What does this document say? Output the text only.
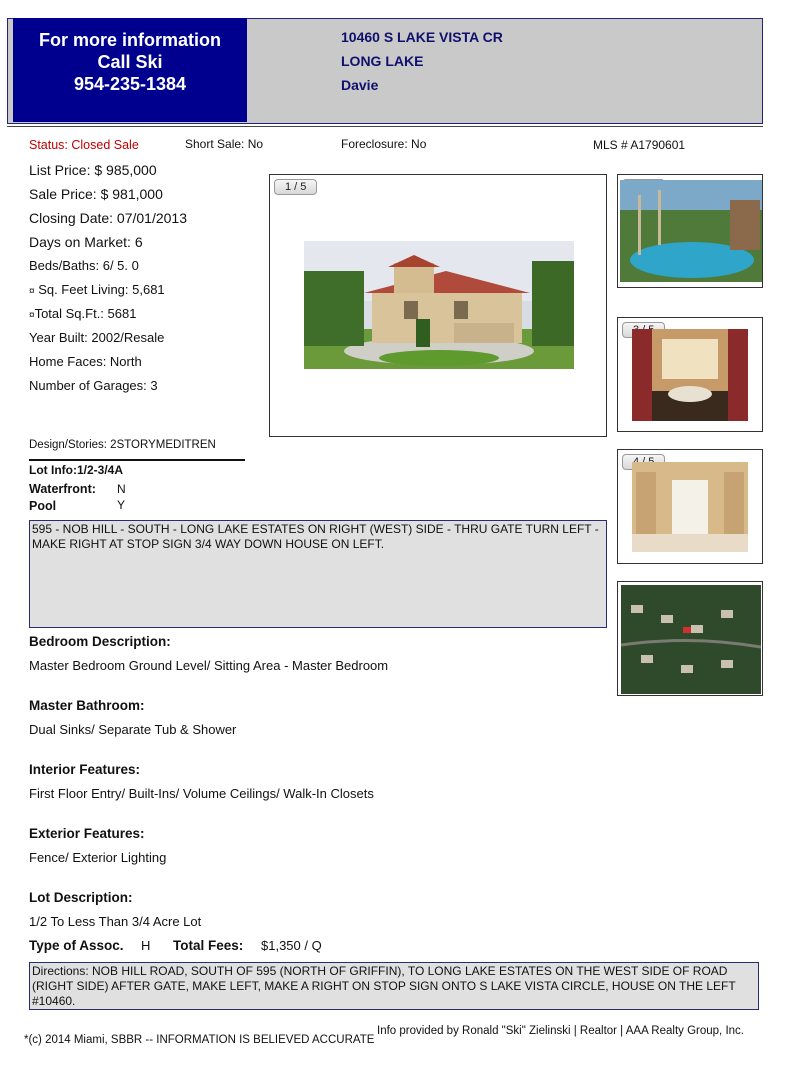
For more information
Call Ski
954-235-1384
10460 S LAKE VISTA CR
LONG LAKE
Davie
Status: Closed Sale	Short Sale: No	Foreclosure: No	MLS # A1790601
List Price: $ 985,000
Sale Price: $ 981,000
Closing Date: 07/01/2013
Days on Market: 6
Beds/Baths: 6/ 5. 0
¤ Sq. Feet Living: 5,681
¤Total Sq.Ft.: 5681
Year Built: 2002/Resale
Home Faces: North
Number of Garages: 3
Design/Stories: 2STORYMEDITREN
Lot Info:1/2-3/4A
Waterfront: N
Pool	Y
595 - NOB HILL - SOUTH - LONG LAKE ESTATES ON RIGHT (WEST) SIDE - THRU GATE TURN LEFT - MAKE RIGHT AT STOP SIGN 3/4 WAY DOWN HOUSE ON LEFT.
1 / 5
Bedroom Description:
Master Bedroom Ground Level/ Sitting Area - Master Bedroom
Master Bathroom:
Dual Sinks/ Separate Tub & Shower
Interior Features:
First Floor Entry/ Built-Ins/ Volume Ceilings/ Walk-In Closets
Exterior Features:
Fence/ Exterior Lighting
Lot Description:
1/2 To Less Than 3/4 Acre Lot
Type of Assoc. H Total Fees: $1,350 / Q
Directions: NOB HILL ROAD, SOUTH OF 595 (NORTH OF GRIFFIN), TO LONG LAKE ESTATES ON THE WEST SIDE OF ROAD (RIGHT SIDE) AFTER GATE, MAKE LEFT, MAKE A RIGHT ON STOP SIGN ONTO S LAKE VISTA CIRCLE, HOUSE ON THE LEFT #10460.
*(c) 2014 Miami, SBBR -- INFORMATION IS BELIEVED ACCURATE
Info provided by Ronald "Ski" Zielinski | Realtor | AAA Realty Group, Inc.
